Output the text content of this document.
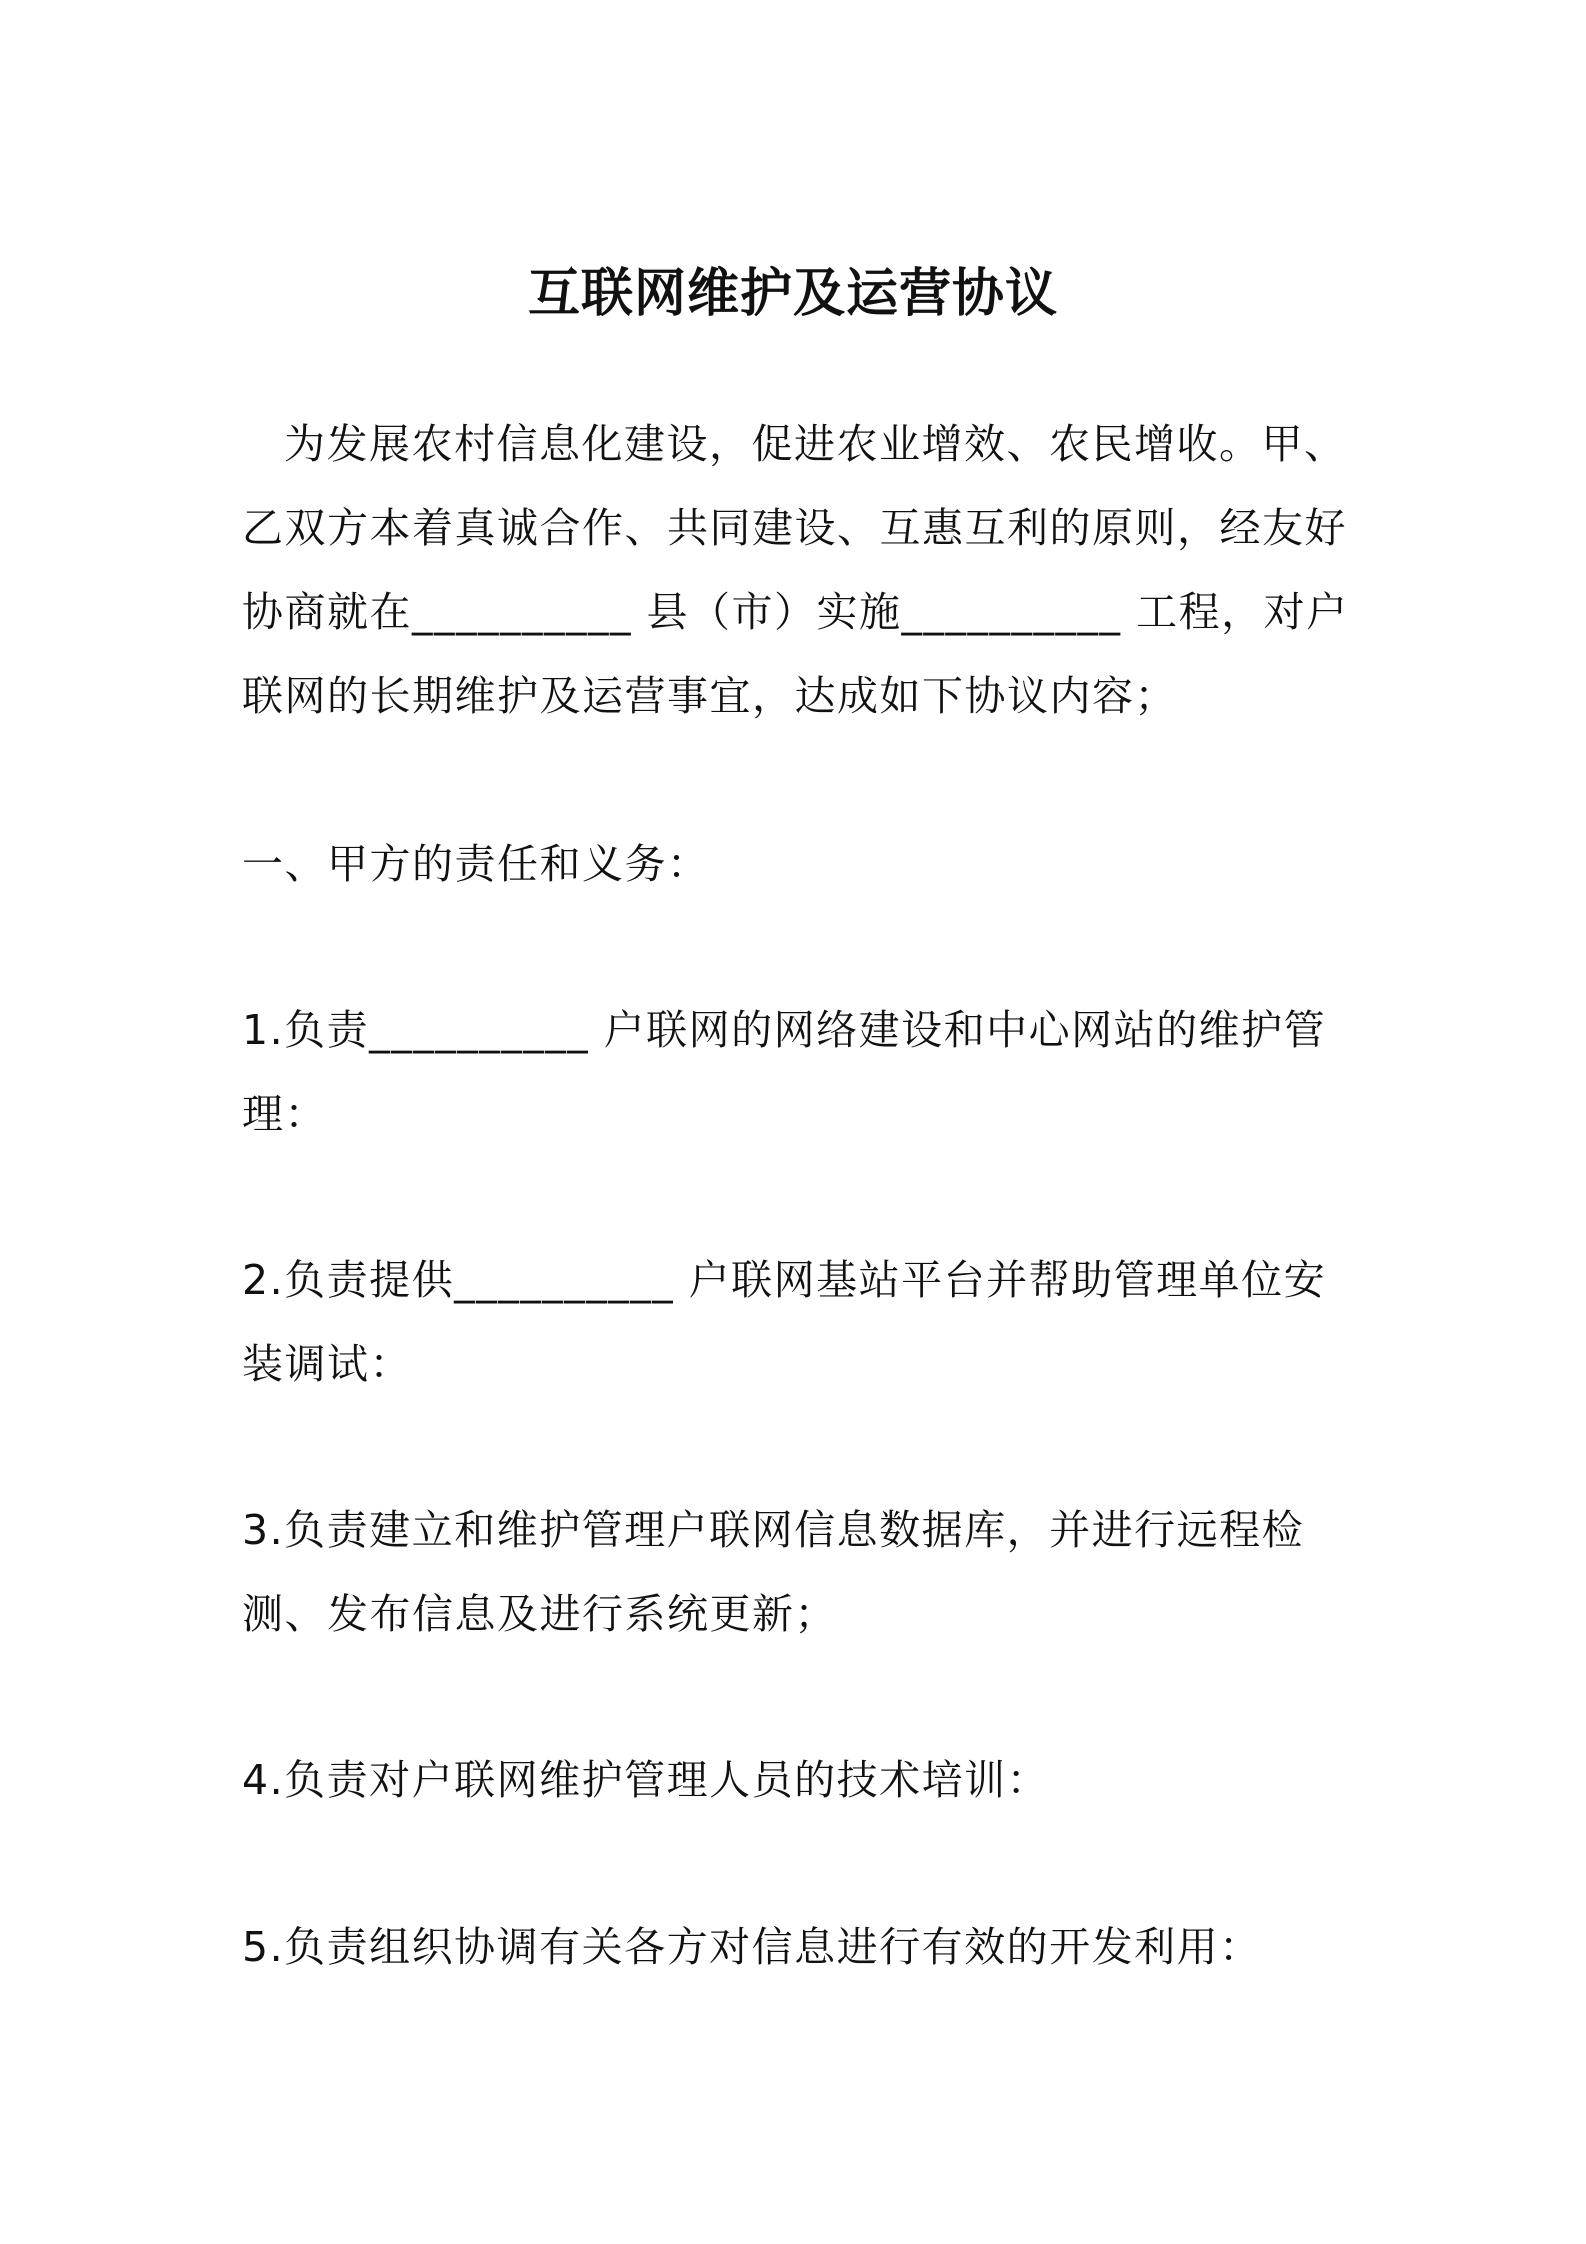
互联网维护及运营协议

为发展农村信息化建设，促进农业增效、农民增收。甲、乙双方本着真诚合作、共同建设、互惠互利的原则，经友好协商就在__________ 县（市）实施__________ 工程，对户联网的长期维护及运营事宜，达成如下协议内容；

一、甲方的责任和义务：

1.负责__________ 户联网的网络建设和中心网站的维护管理：

2.负责提供__________ 户联网基站平台并帮助管理单位安装调试：

3.负责建立和维护管理户联网信息数据库，并进行远程检测、发布信息及进行系统更新；

4.负责对户联网维护管理人员的技术培训：

5.负责组织协调有关各方对信息进行有效的开发利用：
